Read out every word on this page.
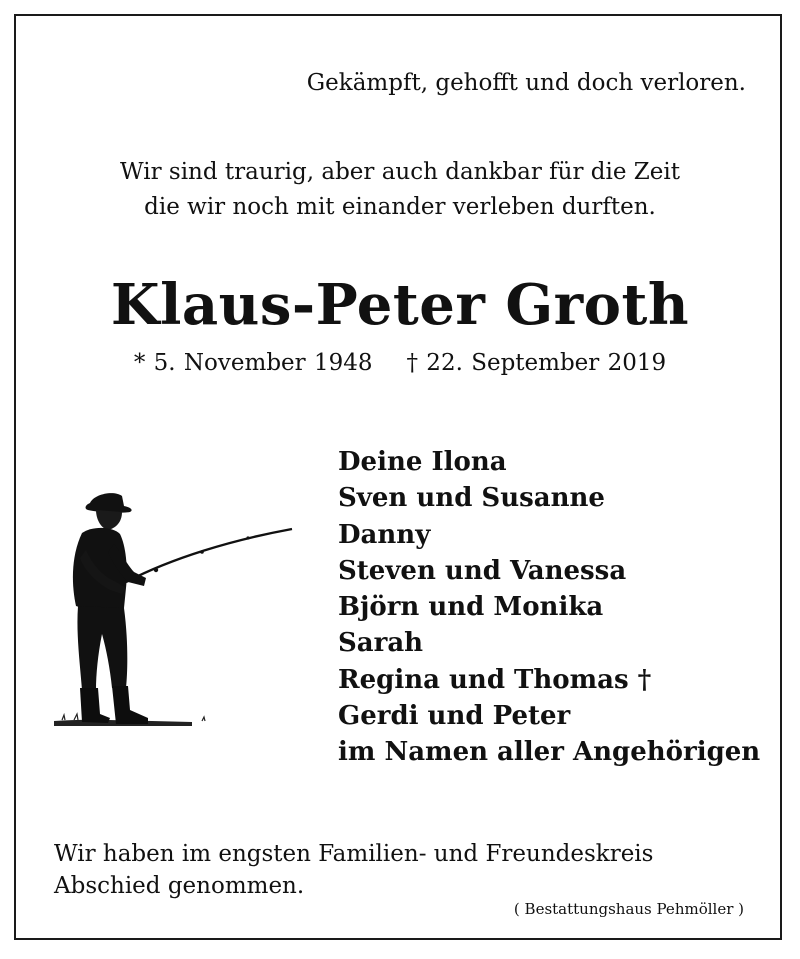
Gekämpft, gehofft und doch verloren.
Wir sind traurig, aber auch dankbar für die Zeit
die wir noch mit einander verleben durften.
Klaus-Peter Groth
* 5. November 1948 † 22. September 2019
Deine Ilona
Sven und Susanne
Danny
Steven und Vanessa
Björn und Monika
Sarah
Regina und Thomas †
Gerdi und Peter
im Namen aller Angehörigen
Wir haben im engsten Familien- und Freundeskreis
Abschied genommen.
( Bestattungshaus Pehmöller )
